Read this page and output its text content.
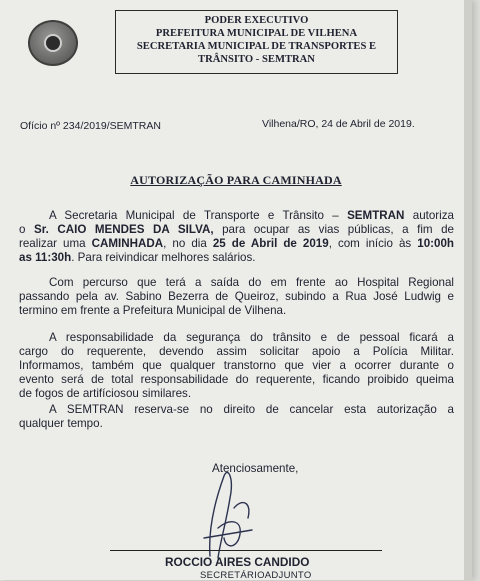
PODER EXECUTIVO
PREFEITURA MUNICIPAL DE VILHENA
SECRETARIA MUNICIPAL DE TRANSPORTES E
TRÂNSITO - SEMTRAN
Ofício nº 234/2019/SEMTRAN	Vilhena/RO, 24 de Abril de 2019.
AUTORIZAÇÃO PARA CAMINHADA
A Secretaria Municipal de Transporte e Trânsito – SEMTRAN autoriza
o Sr. CAIO MENDES DA SILVA, para ocupar as vias públicas, a fim de
realizar uma CAMINHADA, no dia 25 de Abril de 2019, com início às 10:00h
as 11:30h. Para reivindicar melhores salários.
Com percurso que terá a saída do em frente ao Hospital Regional
passando pela av. Sabino Bezerra de Queiroz, subindo a Rua José Ludwig e
termino em frente a Prefeitura Municipal de Vilhena.
A responsabilidade da segurança do trânsito e de pessoal ficará a
cargo do requerente, devendo assim solicitar apoio a Polícia Militar.
Informamos, também que qualquer transtorno que vier a ocorrer durante o
evento será de total responsabilidade do requerente, ficando proibido queima
de fogos de artifíciosou similares.
A SEMTRAN reserva-se no direito de cancelar esta autorização a
qualquer tempo.
Atenciosamente,
ROCCIO AIRES CANDIDO
SECRETÁRIOADJUNTO
